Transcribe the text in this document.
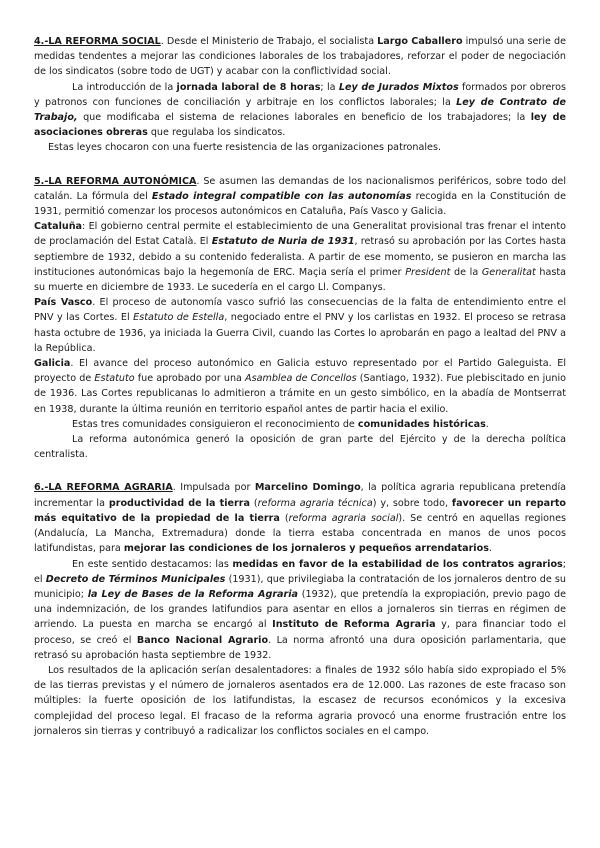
4.-LA REFORMA SOCIAL. Desde el Ministerio de Trabajo, el socialista Largo Caballero impulsó una serie de medidas tendentes a mejorar las condiciones laborales de los trabajadores, reforzar el poder de negociación de los sindicatos (sobre todo de UGT) y acabar con la conflictividad social.

La introducción de la jornada laboral de 8 horas; la Ley de Jurados Mixtos formados por obreros y patronos con funciones de conciliación y arbitraje en los conflictos laborales; la Ley de Contrato de Trabajo, que modificaba el sistema de relaciones laborales en beneficio de los trabajadores; la ley de asociaciones obreras que regulaba los sindicatos.

Estas leyes chocaron con una fuerte resistencia de las organizaciones patronales.

5.-LA REFORMA AUTONÓMICA. Se asumen las demandas de los nacionalismos periféricos, sobre todo del catalán. La fórmula del Estado integral compatible con las autonomías recogida en la Constitución de 1931, permitió comenzar los procesos autonómicos en Cataluña, País Vasco y Galicia.

Cataluña: El gobierno central permite el establecimiento de una Generalitat provisional tras frenar el intento de proclamación del Estat Català. El Estatuto de Nuria de 1931, retrasó su aprobación por las Cortes hasta septiembre de 1932, debido a su contenido federalista. A partir de ese momento, se pusieron en marcha las instituciones autonómicas bajo la hegemonía de ERC. Maçia sería el primer President de la Generalitat hasta su muerte en diciembre de 1933. Le sucedería en el cargo Ll. Companys.

País Vasco. El proceso de autonomía vasco sufrió las consecuencias de la falta de entendimiento entre el PNV y las Cortes. El Estatuto de Estella, negociado entre el PNV y los carlistas en 1932. El proceso se retrasa hasta octubre de 1936, ya iniciada la Guerra Civil, cuando las Cortes lo aprobarán en pago a lealtad del PNV a la República.

Galicia. El avance del proceso autonómico en Galicia estuvo representado por el Partido Galeguista. El proyecto de Estatuto fue aprobado por una Asamblea de Concellos (Santiago, 1932). Fue plebiscitado en junio de 1936. Las Cortes republicanas lo admitieron a trámite en un gesto simbólico, en la abadía de Montserrat en 1938, durante la última reunión en territorio español antes de partir hacia el exilio.

Estas tres comunidades consiguieron el reconocimiento de comunidades históricas.

La reforma autonómica generó la oposición de gran parte del Ejército y de la derecha política centralista.

6.-LA REFORMA AGRARIA. Impulsada por Marcelino Domingo, la política agraria republicana pretendía incrementar la productividad de la tierra (reforma agraria técnica) y, sobre todo, favorecer un reparto más equitativo de la propiedad de la tierra (reforma agraria social). Se centró en aquellas regiones (Andalucía, La Mancha, Extremadura) donde la tierra estaba concentrada en manos de unos pocos latifundistas, para mejorar las condiciones de los jornaleros y pequeños arrendatarios.

En este sentido destacamos: las medidas en favor de la estabilidad de los contratos agrarios; el Decreto de Términos Municipales (1931), que privilegiaba la contratación de los jornaleros dentro de su municipio; la Ley de Bases de la Reforma Agraria (1932), que pretendía la expropiación, previo pago de una indemnización, de los grandes latifundios para asentar en ellos a jornaleros sin tierras en régimen de arriendo. La puesta en marcha se encargó al Instituto de Reforma Agraria y, para financiar todo el proceso, se creó el Banco Nacional Agrario. La norma afrontó una dura oposición parlamentaria, que retrasó su aprobación hasta septiembre de 1932.

Los resultados de la aplicación serían desalentadores: a finales de 1932 sólo había sido expropiado el 5% de las tierras previstas y el número de jornaleros asentados era de 12.000. Las razones de este fracaso son múltiples: la fuerte oposición de los latifundistas, la escasez de recursos económicos y la excesiva complejidad del proceso legal. El fracaso de la reforma agraria provocó una enorme frustración entre los jornaleros sin tierras y contribuyó a radicalizar los conflictos sociales en el campo.
